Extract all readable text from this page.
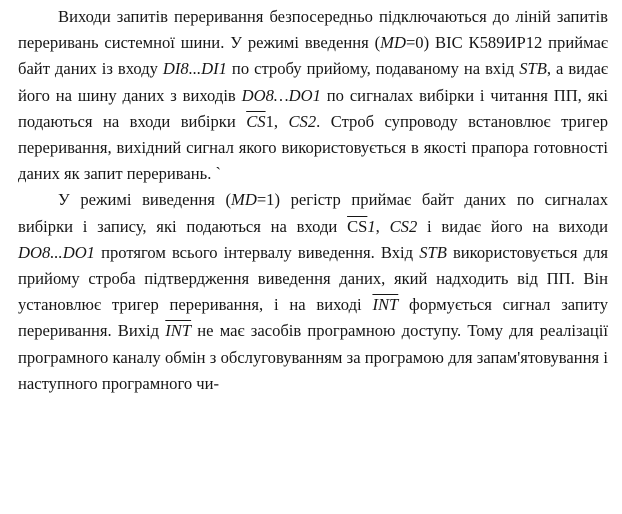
Виходи запитів переривання безпосередньо підключаються до ліній запитів переривань системної шини. У режимі введення (MD=0) ВІС К589ИР12 приймає байт даних із входу DI8...DI1 по стробу прийому, подаваному на вхід STB, а видає його на шину даних з виходів DO8…DO1 по сигналах вибірки і читання ПП, які подаються на входи вибірки $\overline{CS}1$, CS2. Строб супроводу встановлює тригер переривання, вихідний сигнал якого використовується в якості прапора готовності даних як запит переривань. `

У режимі виведення (MD=1) регістр приймає байт даних по сигналах вибірки і запису, які подаються на входи $\overline{CS}1$, CS2 і видає його на виходи DO8...DO1 протягом всього інтервалу виведення. Вхід STB використовується для прийому строба підтвердження виведення даних, який надходить від ПП. Він установлює тригер переривання, і на виході $\overline{INT}$ формується сигнал запиту переривання. Вихід $\overline{INT}$ не має засобів програмною доступу. Тому для реалізації програмного каналу обмін з обслуговуванням за програмою для запам'ятовування і наступного програмного чи-
